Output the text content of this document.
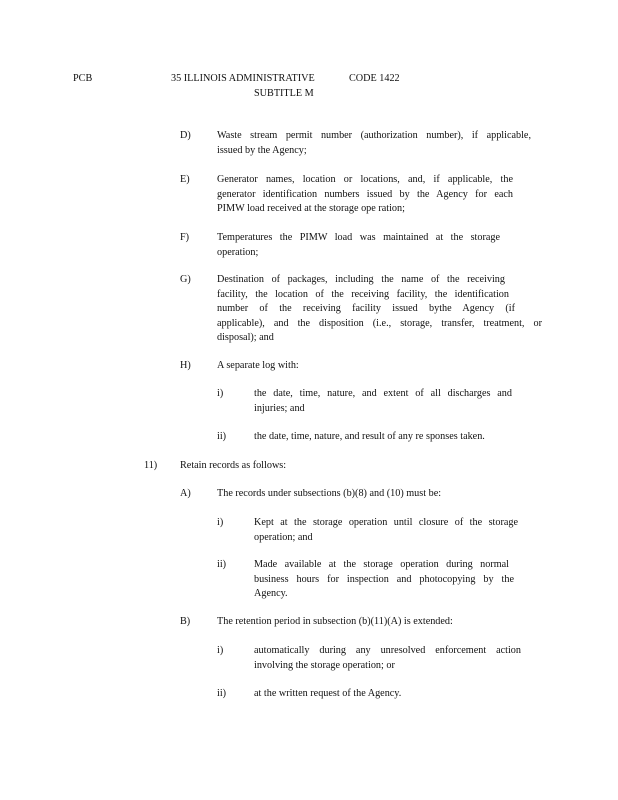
PCB	35 ILLINOIS ADMINISTRATIVE	CODE 1422
SUBTITLE M
D)	Waste stream permit number (authorization number), if applicable,
issued by the Agency;
E)	Generator names, location or locations, and, if applicable, the
generator identification numbers issued by the Agency for each
PIMW load received at the storage ope ration;
F)	Temperatures the PIMW load was maintained at the storage
operation;
G)	Destination of packages, including the name of the receiving
facility, the location of the receiving facility, the identification
number of the receiving facility issued bythe Agency (if
applicable), and the disposition (i.e., storage, transfer, treatment, or
disposal); and
H)	A separate log with:
i)	the date, time, nature, and extent of all discharges and
injuries; and
ii)	the date, time, nature, and result of any re sponses taken.
11) Retain records as follows:
A)	The records under subsections (b)(8) and (10) must be:
i)	Kept at the storage operation until closure of the storage
operation; and
ii)	Made available at the storage operation during normal
business hours for inspection and photocopying by the
Agency.
B)	The retention period in subsection (b)(11)(A) is extended:
i)	automatically during any unresolved enforcement action
involving the storage operation; or
ii)	at the written request of the Agency.
